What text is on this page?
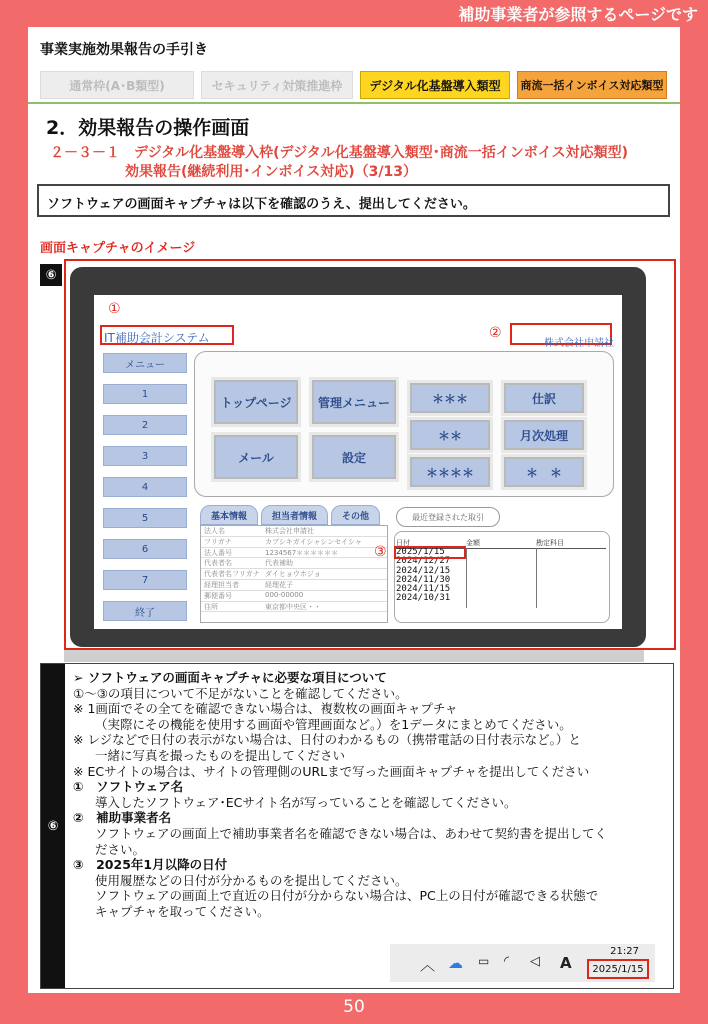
補助事業者が参照するページです
事業実施効果報告の手引き
通常枠(A･B類型)	セキュリティ対策推進枠	デジタル化基盤導入類型	商流一括インボイス対応類型
2．効果報告の操作画面
２－３－１　デジタル化基盤導入枠(デジタル化基盤導入類型･商流一括インボイス対応類型)
効果報告(継続利用･インボイス対応)（3/13）
ソフトウェアの画面キャプチャは以下を確認のうえ、提出してください。
画面キャプチャのイメージ
⑥
①
IT補助会計システム	②
株式会社申請社
メニュー
1
2
3
4
5
6
7
終了
トップページ	管理メニュー	＊＊＊	仕訳
メール	設定
＊＊	月次処理
＊＊＊＊	＊　＊
基本情報	担当者情報	その他
法人名	株式会社申請社
フリガナ	カブシキガイシャシンセイシャ
法人番号	1234567＊＊＊＊＊＊
代表者名	代表補助
代表者名フリガナ ダイヒョウホジョ
経理担当者	経理花子
郵便番号	000-00000
住所	東京都中央区・・
最近登録された取引
日付	金額	勘定科目
2025/1/15
2024/12/27
2024/12/15
2024/11/30
2024/11/15
2024/10/31
③
⑥
➢ ソフトウェアの画面キャプチャに必要な項目について
①～③の項目について不足がないことを確認してください。
※ 1画面でその全てを確認できない場合は、複数枚の画面キャプチャ
（実際にその機能を使用する画面や管理画面など。）を1データにまとめてください。
※ レジなどで日付の表示がない場合は、日付のわかるもの（携帯電話の日付表示など。）と
一緒に写真を撮ったものを提出してください
※ ECサイトの場合は、サイトの管理側のURLまで写った画面キャプチャを提出してください
①　 ソフトウェア名
導入したソフトウェア･ECサイト名が写っていることを確認してください。
②　 補助事業者名
ソフトウェアの画面上で補助事業者名を確認できない場合は、あわせて契約書を提出してく
ださい。
③　 2025年1月以降の日付
使用履歴などの日付が分かるものを提出してください。
ソフトウェアの画面上で直近の日付が分からない場合は、PC上の日付が確認できる状態で
キャプチャを取ってください。
︿ ☁ ▭ ◜ ◁ A
21:27
2025/1/15
50
